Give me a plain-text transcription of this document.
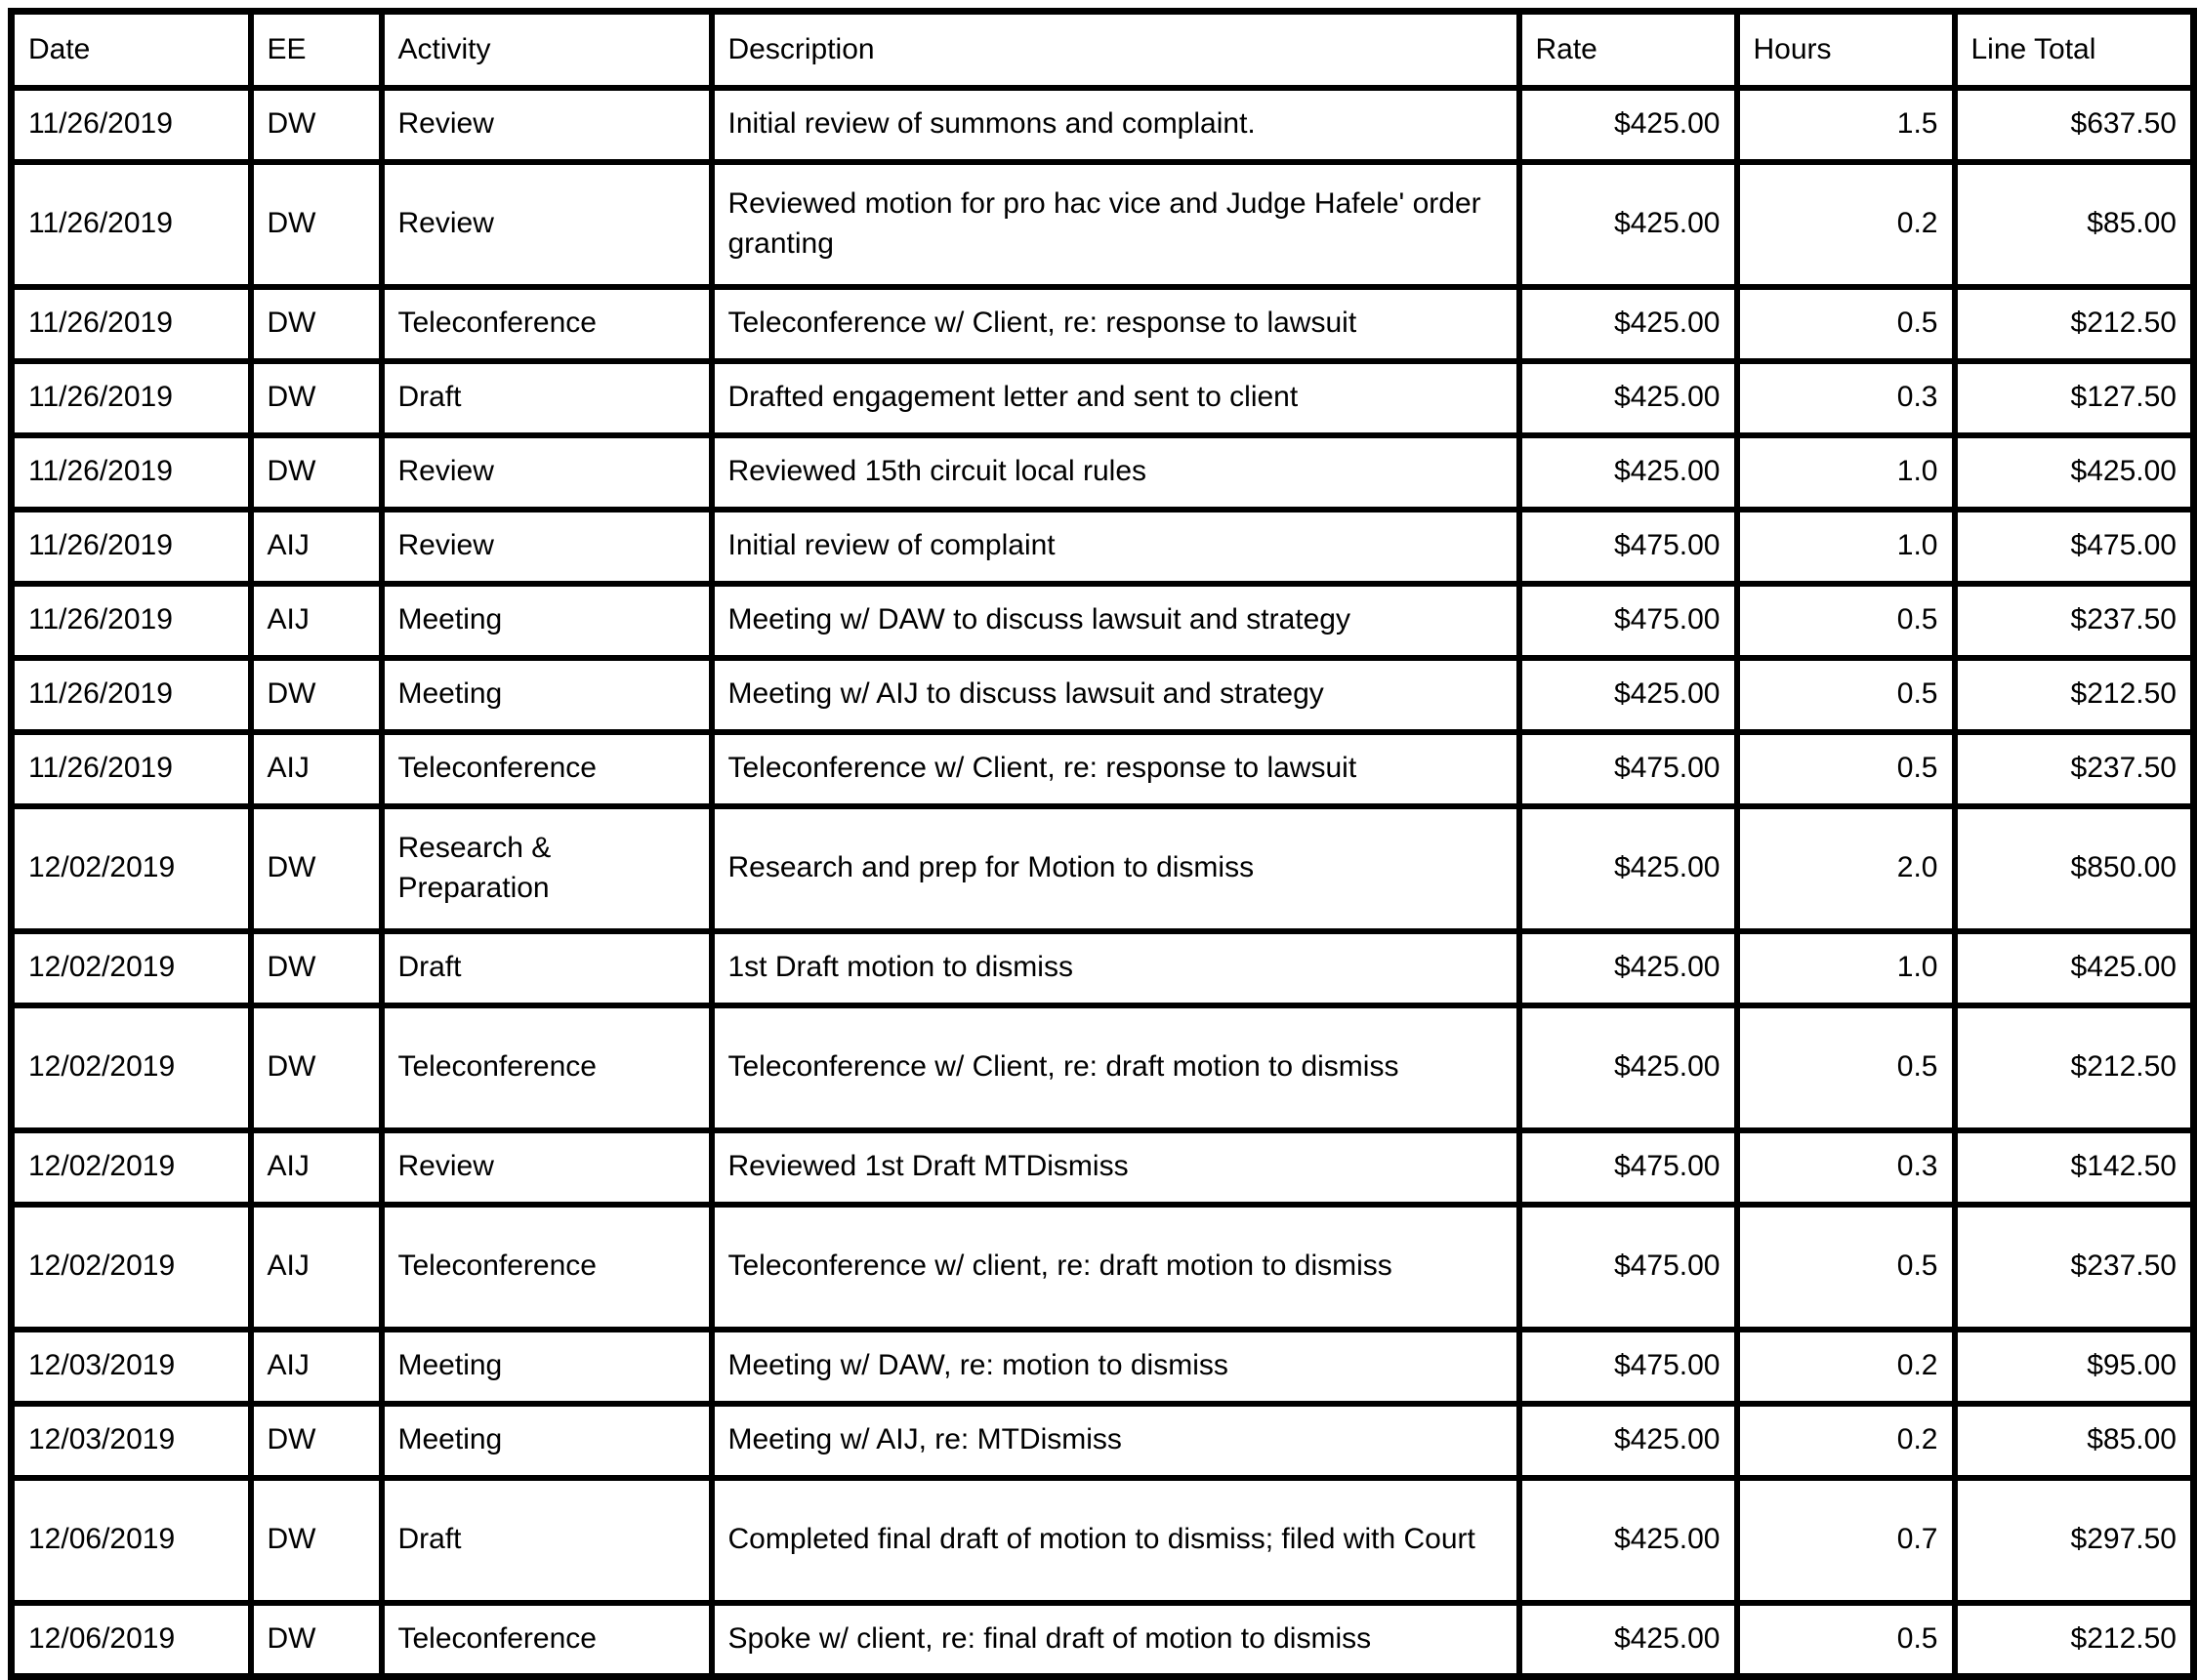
Date	EE	Activity	Description	Rate	Hours	Line Total
11/26/2019	DW	Review	Initial review of summons and complaint.	$425.00	1.5	$637.50
11/26/2019	DW	Review	Reviewed motion for pro hac vice and Judge Hafele' order granting	$425.00	0.2	$85.00
11/26/2019	DW	Teleconference	Teleconference w/ Client, re: response to lawsuit	$425.00	0.5	$212.50
11/26/2019	DW	Draft	Drafted engagement letter and sent to client	$425.00	0.3	$127.50
11/26/2019	DW	Review	Reviewed 15th circuit local rules	$425.00	1.0	$425.00
11/26/2019	AIJ	Review	Initial review of complaint	$475.00	1.0	$475.00
11/26/2019	AIJ	Meeting	Meeting w/ DAW to discuss lawsuit and strategy	$475.00	0.5	$237.50
11/26/2019	DW	Meeting	Meeting w/ AIJ to discuss lawsuit and strategy	$425.00	0.5	$212.50
11/26/2019	AIJ	Teleconference	Teleconference w/ Client, re: response to lawsuit	$475.00	0.5	$237.50
12/02/2019	DW	Research & Preparation	Research and prep for Motion to dismiss	$425.00	2.0	$850.00
12/02/2019	DW	Draft	1st Draft motion to dismiss	$425.00	1.0	$425.00
12/02/2019	DW	Teleconference	Teleconference w/ Client, re: draft motion to dismiss	$425.00	0.5	$212.50
12/02/2019	AIJ	Review	Reviewed 1st Draft MTDismiss	$475.00	0.3	$142.50
12/02/2019	AIJ	Teleconference	Teleconference w/ client, re: draft motion to dismiss	$475.00	0.5	$237.50
12/03/2019	AIJ	Meeting	Meeting w/ DAW, re: motion to dismiss	$475.00	0.2	$95.00
12/03/2019	DW	Meeting	Meeting w/ AIJ, re: MTDismiss	$425.00	0.2	$85.00
12/06/2019	DW	Draft	Completed final draft of motion to dismiss; filed with Court	$425.00	0.7	$297.50
12/06/2019	DW	Teleconference	Spoke w/ client, re: final draft of motion to dismiss	$425.00	0.5	$212.50
